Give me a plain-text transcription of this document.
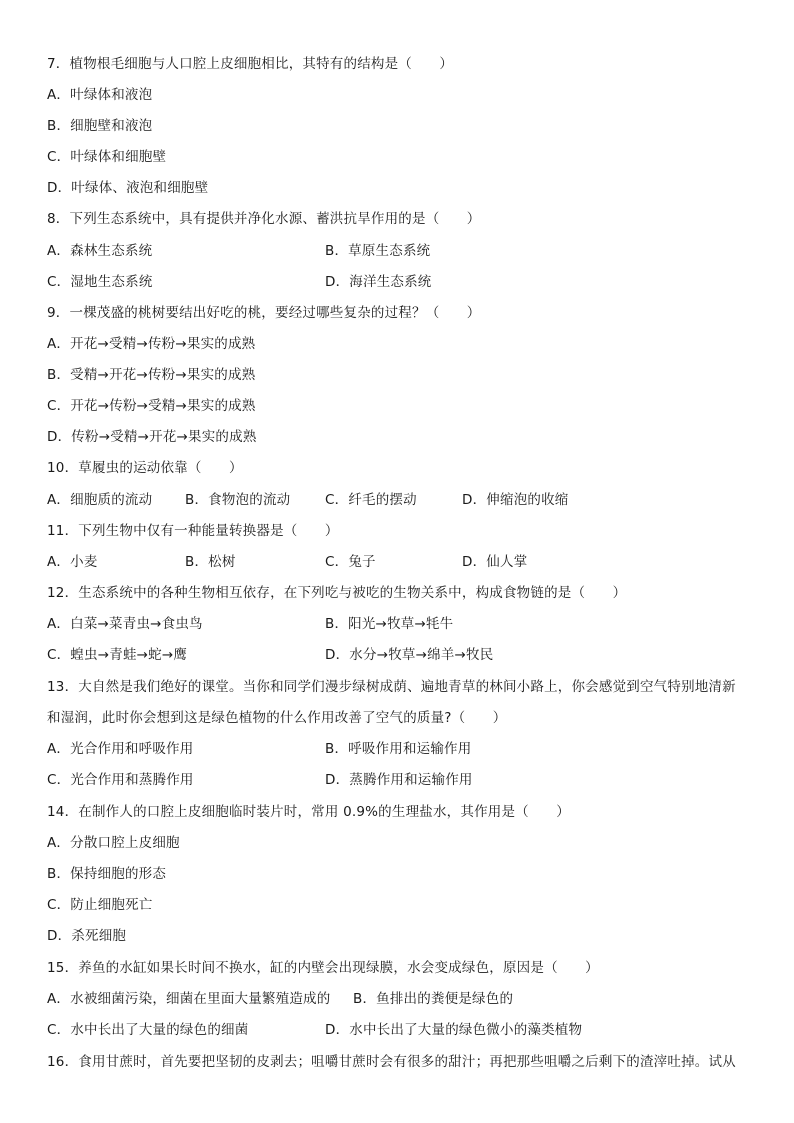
7．植物根毛细胞与人口腔上皮细胞相比，其特有的结构是（　　）
A．叶绿体和液泡
B．细胞壁和液泡
C．叶绿体和细胞壁
D．叶绿体、液泡和细胞壁
8．下列生态系统中，具有提供并净化水源、蓄洪抗旱作用的是（　　）
A．森林生态系统	B．草原生态系统
C．湿地生态系统	D．海洋生态系统
9．一棵茂盛的桃树要结出好吃的桃，要经过哪些复杂的过程？（　　）
A．开花→受精→传粉→果实的成熟
B．受精→开花→传粉→果实的成熟
C．开花→传粉→受精→果实的成熟
D．传粉→受精→开花→果实的成熟
10．草履虫的运动依靠（　　）
A．细胞质的流动 B．食物泡的流动	C．纤毛的摆动	D．伸缩泡的收缩
11．下列生物中仅有一种能量转换器是（　　）
A．小麦	B．松树	C．兔子	D．仙人掌
12．生态系统中的各种生物相互依存，在下列吃与被吃的生物关系中，构成食物链的是（　　）
A．白菜→菜青虫→食虫鸟	B．阳光→牧草→牦牛
C．蝗虫→青蛙→蛇→鹰	D．水分→牧草→绵羊→牧民
13．大自然是我们绝好的课堂。当你和同学们漫步绿树成荫、遍地青草的林间小路上，你会感觉到空气特别地清新
和湿润，此时你会想到这是绿色植物的什么作用改善了空气的质量?（　　）
A．光合作用和呼吸作用	B．呼吸作用和运输作用
C．光合作用和蒸腾作用	D．蒸腾作用和运输作用
14．在制作人的口腔上皮细胞临时装片时，常用 0.9%的生理盐水，其作用是（　　）
A．分散口腔上皮细胞
B．保持细胞的形态
C．防止细胞死亡
D．杀死细胞
15．养鱼的水缸如果长时间不换水，缸的内壁会出现绿膜，水会变成绿色，原因是（　　）
A．水被细菌污染，细菌在里面大量繁殖造成的 B．鱼排出的粪便是绿色的
C．水中长出了大量的绿色的细菌	D．水中长出了大量的绿色微小的藻类植物
16．食用甘蔗时，首先要把坚韧的皮剥去；咀嚼甘蔗时会有很多的甜汁；再把那些咀嚼之后剩下的渣滓吐掉。试从
